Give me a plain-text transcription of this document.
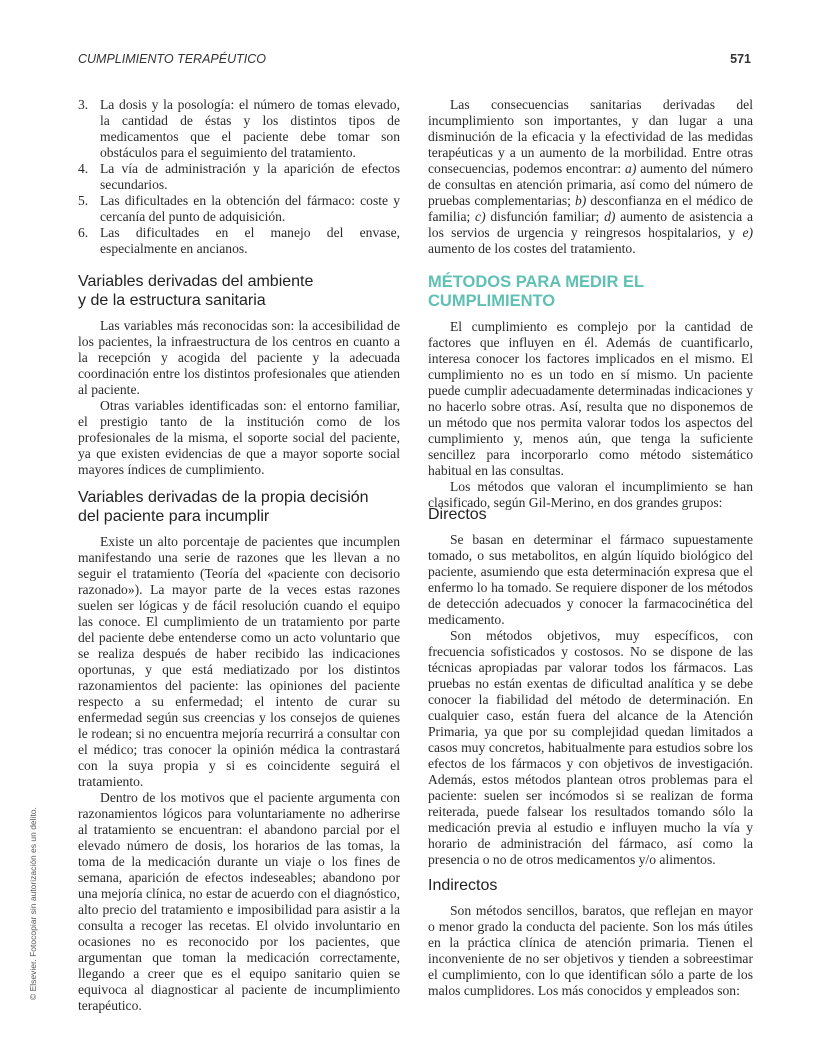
CUMPLIMIENTO TERAPÉUTICO	571
3. La dosis y la posología: el número de tomas elevado, la cantidad de éstas y los distintos tipos de medicamentos que el paciente debe tomar son obstáculos para el seguimiento del tratamiento.
4. La vía de administración y la aparición de efectos secundarios.
5. Las dificultades en la obtención del fármaco: coste y cercanía del punto de adquisición.
6. Las dificultades en el manejo del envase, especialmente en ancianos.
Variables derivadas del ambiente
y de la estructura sanitaria

Las variables más reconocidas son: la accesibilidad de los pacientes, la infraestructura de los centros en cuanto a la recepción y acogida del paciente y la adecuada coordinación entre los distintos profesionales que atienden al paciente.

Otras variables identificadas son: el entorno familiar, el prestigio tanto de la institución como de los profesionales de la misma, el soporte social del paciente, ya que existen evidencias de que a mayor soporte social mayores índices de cumplimiento.

Variables derivadas de la propia decisión
del paciente para incumplir

Existe un alto porcentaje de pacientes que incumplen manifestando una serie de razones que les llevan a no seguir el tratamiento (Teoría del «paciente con decisorio razonado»). La mayor parte de la veces estas razones suelen ser lógicas y de fácil resolución cuando el equipo las conoce. El cumplimiento de un tratamiento por parte del paciente debe entenderse como un acto voluntario que se realiza después de haber recibido las indicaciones oportunas, y que está mediatizado por los distintos razonamientos del paciente: las opiniones del paciente respecto a su enfermedad; el intento de curar su enfermedad según sus creencias y los consejos de quienes le rodean; si no encuentra mejoría recurrirá a consultar con el médico; tras conocer la opinión médica la contrastará con la suya propia y si es coincidente seguirá el tratamiento.

Dentro de los motivos que el paciente argumenta con razonamientos lógicos para voluntariamente no adherirse al tratamiento se encuentran: el abandono parcial por el elevado número de dosis, los horarios de las tomas, la toma de la medicación durante un viaje o los fines de semana, aparición de efectos indeseables; abandono por una mejoría clínica, no estar de acuerdo con el diagnóstico, alto precio del tratamiento e imposibilidad para asistir a la consulta a recoger las recetas. El olvido involuntario en ocasiones no es reconocido por los pacientes, que argumentan que toman la medicación correctamente, llegando a creer que es el equipo sanitario quien se equivoca al diagnosticar al paciente de incumplimiento terapéutico.

Las consecuencias sanitarias derivadas del incumplimiento son importantes, y dan lugar a una disminución de la eficacia y la efectividad de las medidas terapéuticas y a un aumento de la morbilidad. Entre otras consecuencias, podemos encontrar: a) aumento del número de consultas en atención primaria, así como del número de pruebas complementarias; b) desconfianza en el médico de familia; c) disfunción familiar; d) aumento de asistencia a los servios de urgencia y reingresos hospitalarios, y e) aumento de los costes del tratamiento.

MÉTODOS PARA MEDIR EL CUMPLIMIENTO

El cumplimiento es complejo por la cantidad de factores que influyen en él. Además de cuantificarlo, interesa conocer los factores implicados en el mismo. El cumplimiento no es un todo en sí mismo. Un paciente puede cumplir adecuadamente determinadas indicaciones y no hacerlo sobre otras. Así, resulta que no disponemos de un método que nos permita valorar todos los aspectos del cumplimiento y, menos aún, que tenga la suficiente sencillez para incorporarlo como método sistemático habitual en las consultas.

Los métodos que valoran el incumplimiento se han clasificado, según Gil-Merino, en dos grandes grupos:

Directos

Se basan en determinar el fármaco supuestamente tomado, o sus metabolitos, en algún líquido biológico del paciente, asumiendo que esta determinación expresa que el enfermo lo ha tomado. Se requiere disponer de los métodos de detección adecuados y conocer la farmacocinética del medicamento.

Son métodos objetivos, muy específicos, con frecuencia sofisticados y costosos. No se dispone de las técnicas apropiadas par valorar todos los fármacos. Las pruebas no están exentas de dificultad analítica y se debe conocer la fiabilidad del método de determinación. En cualquier caso, están fuera del alcance de la Atención Primaria, ya que por su complejidad quedan limitados a casos muy concretos, habitualmente para estudios sobre los efectos de los fármacos y con objetivos de investigación. Además, estos métodos plantean otros problemas para el paciente: suelen ser incómodos si se realizan de forma reiterada, puede falsear los resultados tomando sólo la medicación previa al estudio e influyen mucho la vía y horario de administración del fármaco, así como la presencia o no de otros medicamentos y/o alimentos.

Indirectos

Son métodos sencillos, baratos, que reflejan en mayor o menor grado la conducta del paciente. Son los más útiles en la práctica clínica de atención primaria. Tienen el inconveniente de no ser objetivos y tienden a sobreestimar el cumplimiento, con lo que identifican sólo a parte de los malos cumplidores. Los más conocidos y empleados son:

© Elsevier. Fotocopiar sin autorización es un delito.
